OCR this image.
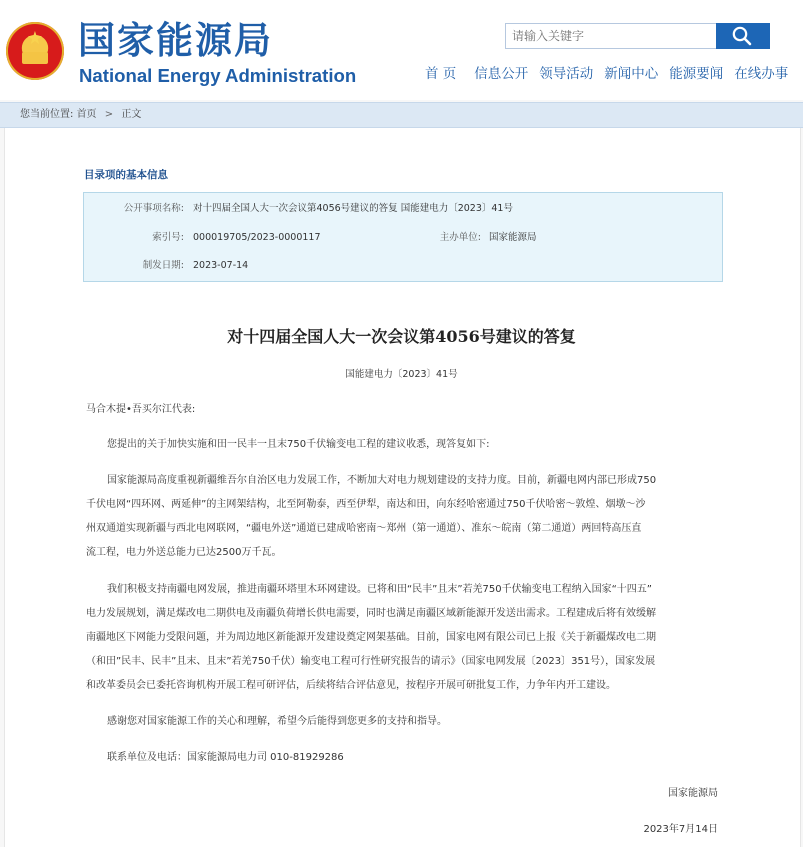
★ 国家能源局
National Energy Administration
请输入关键字	首 页 信息公开 领导活动 新闻中心 能源要闻 在线办事
您当前位置: 首页 > 正文
目录项的基本信息
公开事项名称: 对十四届全国人大一次会议第4056号建议的答复 国能建电力〔2023〕41号
索引号: 000019705/2023-0000117	主办单位: 国家能源局
制发日期: 2023-07-14
对十四届全国人大一次会议第4056号建议的答复
国能建电力〔2023〕41号
马合木提•吾买尔江代表:
您提出的关于加快实施和田一民丰一且末750千伏输变电工程的建议收悉，现答复如下:
国家能源局高度重视新疆维吾尔自治区电力发展工作，不断加大对电力规划建设的支持力度。目前，新疆电网内部已形成750
千伏电网“四环网、两延伸”的主网架结构，北至阿勒泰，西至伊犁，南达和田，向东经哈密通过750千伏哈密～敦煌、烟墩～沙
州双通道实现新疆与西北电网联网，“疆电外送”通道已建成哈密南～郑州（第一通道）、准东～皖南（第二通道）两回特高压直
流工程，电力外送总能力已达2500万千瓦。
我们积极支持南疆电网发展，推进南疆环塔里木环网建设。已将和田“民丰”且末”若羌750千伏输变电工程纳入国家“十四五”
电力发展规划，满足煤改电二期供电及南疆负荷增长供电需要，同时也满足南疆区域新能源开发送出需求。工程建成后将有效缓解
南疆地区下网能力受限问题，并为周边地区新能源开发建设奠定网架基础。目前，国家电网有限公司已上报《关于新疆煤改电二期
（和田”民丰、民丰”且末、且末”若羌750千伏）输变电工程可行性研究报告的请示》（国家电网发展〔2023〕351号），国家发展
和改革委员会已委托咨询机构开展工程可研评估，后续将结合评估意见，按程序开展可研批复工作，力争年内开工建设。
感谢您对国家能源工作的关心和理解，希望今后能得到您更多的支持和指导。
联系单位及电话：国家能源局电力司 010-81929286
国家能源局
2023年7月14日
